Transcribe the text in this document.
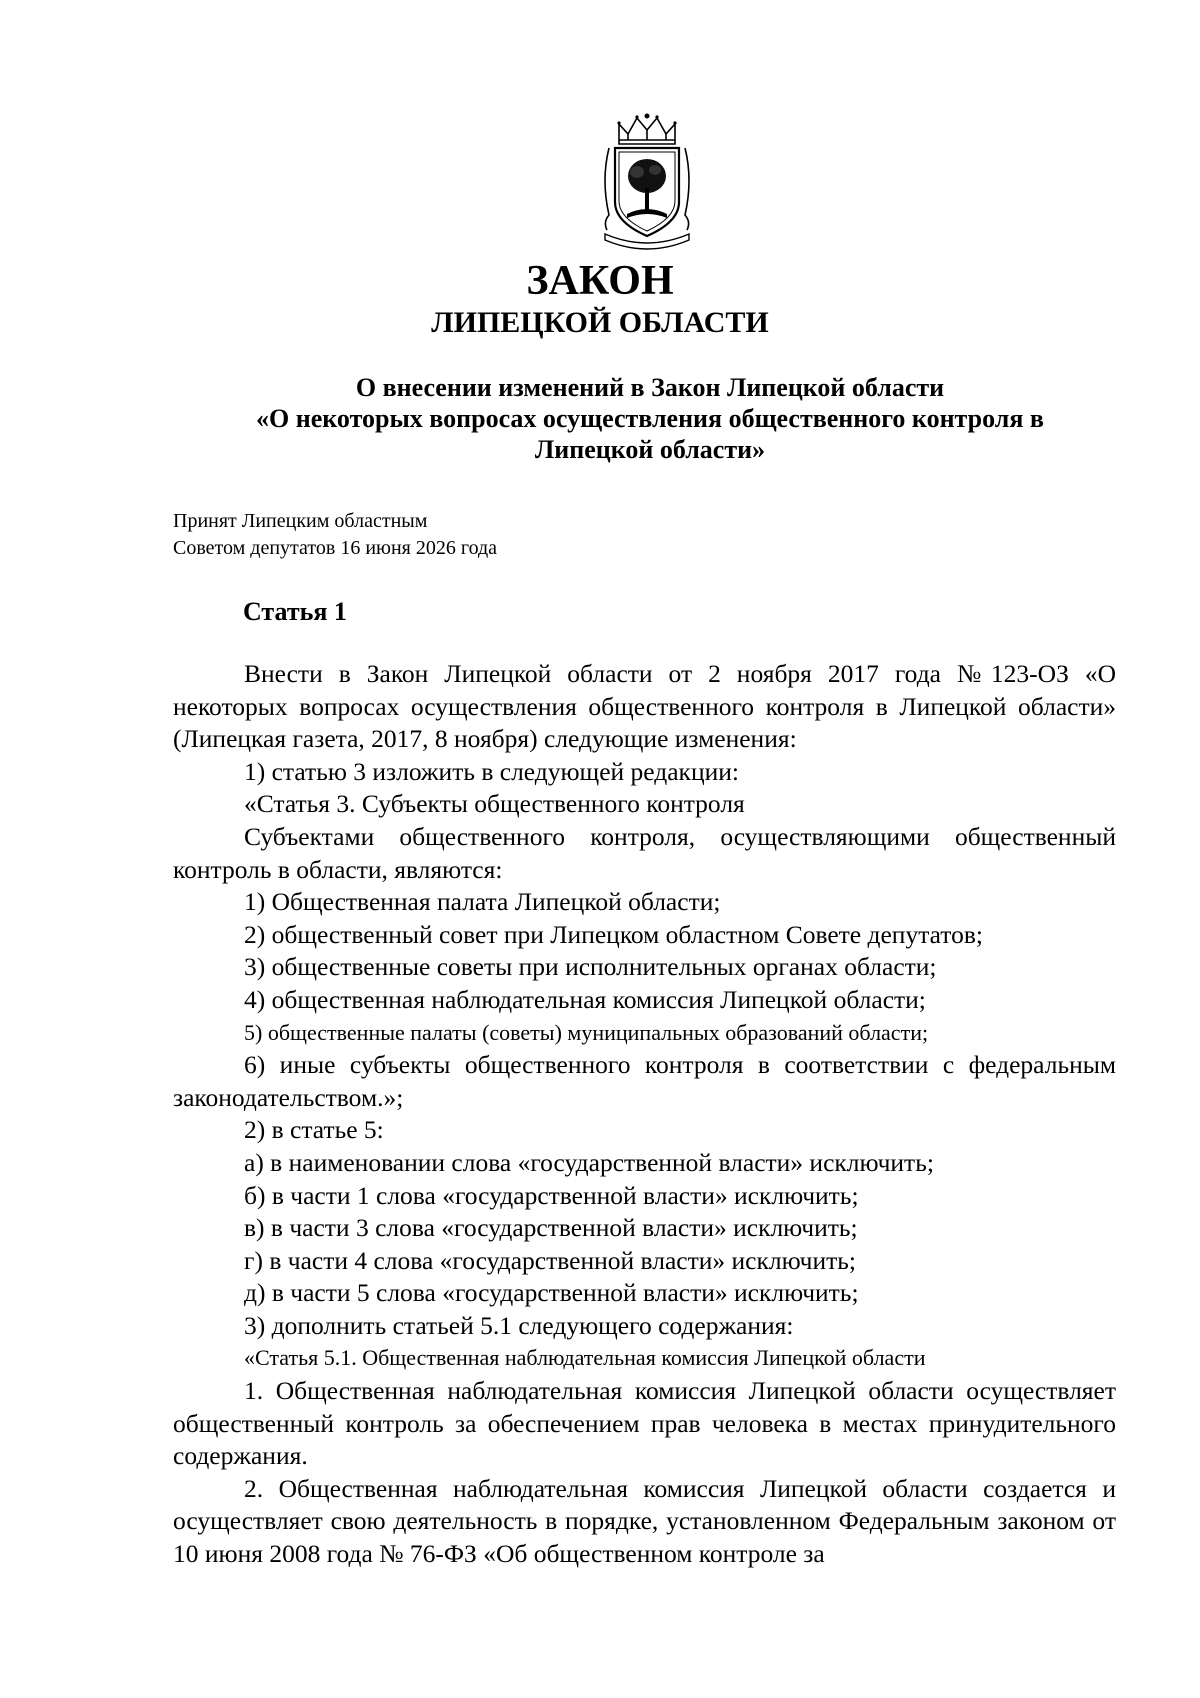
ЗАКОН
ЛИПЕЦКОЙ ОБЛАСТИ
О внесении изменений в Закон Липецкой области
«О некоторых вопросах осуществления общественного контроля в
Липецкой области»
Принят Липецким областным
Советом депутатов 16 июня 2026 года
Статья 1

Внести в Закон Липецкой области от 2 ноября 2017 года №123-ОЗ «О некоторых вопросах осуществления общественного контроля в Липецкой области» (Липецкая газета, 2017, 8 ноября) следующие изменения:

1) статью 3 изложить в следующей редакции:

«Статья 3. Субъекты общественного контроля

Субъектами общественного контроля, осуществляющими общественный контроль в области, являются:

1) Общественная палата Липецкой области;

2) общественный совет при Липецком областном Совете депутатов;

3) общественные советы при исполнительных органах области;

4) общественная наблюдательная комиссия Липецкой области;

5) общественные палаты (советы) муниципальных образований области;

6) иные субъекты общественного контроля в соответствии с федеральным законодательством.»;

2) в статье 5:

а) в наименовании слова «государственной власти» исключить;

б) в части 1 слова «государственной власти» исключить;

в) в части 3 слова «государственной власти» исключить;

г) в части 4 слова «государственной власти» исключить;

д) в части 5 слова «государственной власти» исключить;

3) дополнить статьей 5.1 следующего содержания:

«Статья 5.1. Общественная наблюдательная комиссия Липецкой области

1. Общественная наблюдательная комиссия Липецкой области осуществляет общественный контроль за обеспечением прав человека в местах принудительного содержания.

2. Общественная наблюдательная комиссия Липецкой области создается и осуществляет свою деятельность в порядке, установленном Федеральным законом от 10 июня 2008 года № 76-ФЗ «Об общественном контроле за
